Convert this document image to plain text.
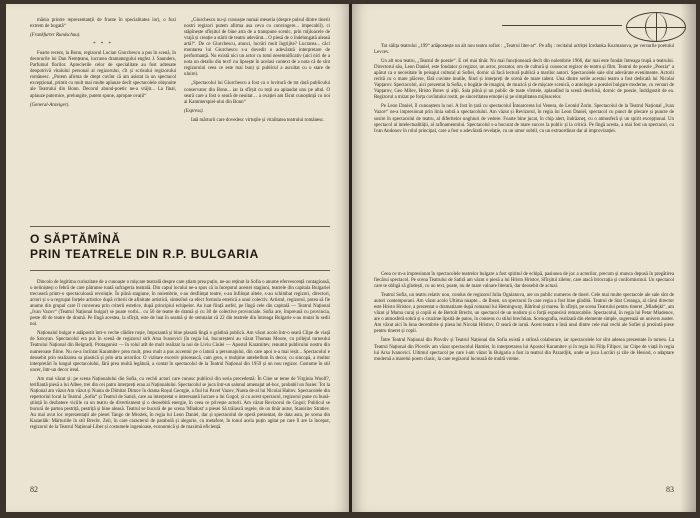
mânia printre reprezentanții de frunte în specialitatea lor), o fuzi extrem de bogată“

(Frankfurter Rundschau).

* * *

Foarte recent, la Bonn, regizorul Lucian Giurchescu a pus în scenă, în decorurile lui Dan Nemțeanu, lucrarea dramaturgului englez J. Saunders, Parfumul florilor. Aprecierile celor de specialitate au fost adresate deopotrivă vitalului personal al regizorului, cît și scrisului regizorului românesc. „Putem afirma de drept cuvînt că am asistat la un spectacol excepțional, primit cu mult mai multe aplauze decît spectacolele obișnuite ale Teatrului din Bonn. Decorul abund-poetic ne-a vrăjit... La final, aplauze puternice, prelungite, putem spune, apropae ovații“

(General-Anzeiger).

„Giurchescu nu-și cunoaște numai meseria (despre pulsul dintre tinerii nostri regizori putem afirma asa ceva cu convingere... impecabil), ci stăpînește sfîrșitul de bine arta de a transpune scenic, prin mijloacele de vrajă și creație a stării de teatru adevărat... O piesă de o îndelungată aleasă artă!“. De ce Giurchescu, atunci, lucrări mult îngrijite? Lucrarea... căci montarea lui Giurchescu s-a dovedit o adevărată interpretare de performanță. Nu există nici un actor cu totul nesemnificativ (aici nici de a nota un detaliu din text! nu lipsește în acelasi context de a nota că de sînt regizorului ceea ce este mai bun) și publicul a ascultat cu o stare de uluire).

„Spectacolul lui Giurchescu a fost ca o lovitură de tot dară publicului conservator din Bonn... iar la sfîrșit cu toții au aplaudat unu pe altul. O seară care a fost o seară de neuitat… a ovației am făcut cunoștință cu noi ai Kammerspiel-ului din Bonn“

(Express).

Iată mărturii care dovedesc virtuțile și vitalitatea teatrului românesc.

O SĂPTĂMÎNĂ
PRIN TEATRELE DIN R.P. BULGARIA

Dincolo de legitima curiozitate de a cunoaște o mișcare teatrală despre care știam prea puțin, ne-au reținut la Sofia o anume efervescență contagioasă, o nelinișteși o febră de care pătrunse toată sufrageria teatrală. Din capul locului ne-a spus că la începutul acestei stagiuni, teatrele din capitala Bulgariei trecuseră printr-o spectaculoasă revoluție. În plină stagiune, în noiembrie, s-au desființat teatre, s-au înființat altele, s-au schimbat regizori, directori, actori și s-a regrupat forțele artistice după criterii de afinitate artistică, sintezînd ca efect formula estetică a unui colectiv. Artistul, regizorul, putea să fie anume din grupul care îl convenea prin criterii estetice, după principiul echipelor. Au luat ființă astfel, pe lîngă cele din capitală — Teatrul Național „Ivan Vazov“ (Teatrul Național bulgar) se poate vorbi... cu 50 de teatre de dramă și cu 30 de colective provinciale. Sofia are, împreună cu provincia, peste 40 de teatre de dramă. Pe lîngă acestea, la sfîrșit, este de luat în seamă și de semnalat că 22 din teatrele din întreaga Bulgarie s-au mutat în sedii noi.

Naționalul bulgar e adăpostit într-o veche clădire roșie, împozantă și bine plasată lîngă o grădină publică. Am văzut acolo într-o seară Clipe de viață de Saroyan. Spectacolul era pus în scenă de regizorul sirb Arsa Ivanovici (în regia lui, bucureșteni au văzut Thomas Moore, cu prilejul turneului Teatrului Național din Belgrad). Protagonist — în rolul atît de mult realizat la noi de Liviu Ciulei — Apostol Karamitev, renumit publicului nostru din numeroase filme. Nu ne-a încîntat Karamitev prea mult, prea mult a pus accentul pe o latură a personajului, din care apoi n-a mai ieșit... Spectacolul e deosebit prin realizarea sa plastică și prin arta actorilor. O vizitare excesiv pitorească, cam grea, o mulțime antebellum în decor, cu sincopă, a multor interpretări în lungul spectacolului, fără prea multă legătură, a contat în spectacolul de la Teatrul Național din 1959 și un nou regizor. Costume în stil uncer, într-un decor ireal.

Am mai văzut și: pe scena Naționalului din Sofia, cu vechii actori care cunosc publicul din seria precedentă: În Cine se teme de Virginia Woolf?, terifiantă piesă a lui Albee, trei din cei patru interpreți erau ai Naționalului. Spectacolul se juca într-un salonul amenajat ad-hoc, probabil un foaier. Tot la Național am văzut Am văzut și Nunta de Dimitar Dimov în drama Roșul Georgie, a fiul lui Pavel Vazov, Nunta de-al lui Nicolai Haitov. Spectacolele din repertoriul local la Teatrul „Sofia“ și Teatrul de Satiră, care au interpretat o interesantă lucrare a lui Gogol; și cu acest spectacol, regizorul pune cu bună-știință în dezbatere viciile ca un teatru de divertisment și o deosebită energie, în ceea ce privește actorii. Am văzut Revizorul de Gogol; Publicul se bucură de partea pestriță, pestriță și bine aleasă. Teatrul se bucură de pe scena 'Mladost' a piesei Să trăiască regele, de un tînăr autor, Stanislav Stratiev. Au mai avut loc reprezentații ale piesei Tango de Mrożek, în regia lui Leon Daniel, dar și spectacolul de operă prezentat, de data asta, pe scena din Kazanlăk: Mărturiile în stil Brecht. Zeii, în care caracterul de parabolă și alegorie, cu metafore, în tonul acela puțin agitat pe care îl are la început, regizorul de la Teatrul Național-Liber și costumele ingenioase, economică și de maximă eficiență.

82

Tot sălița teatrului „199“ adăpostește un alt nou teatru sofiot : „Teatrul liter-ar“. Pe afiș : recitalul actriței Iordanka Kuzmanova, pe versurile poetului Levcev.

Un alt nou teatru, „Teatrul de poezie“. E cel mai tînăr. Nu mai funcționează decît din noiembrie 1966, dar mai este fondat întreaga trupă a teatrului. Directorul său, Leon Daniel, este fondator și regizor, un actor, prozator, om de cultură și cunoscut regizor de teatru și film. Teatrul de poezie „Poezia“ a apărut ca o necesitate în peisajul cultural al Sofiei, dornic să facă lectură publică a marilor autori. Spectacolele sale sînt adevărate evenimente. Actorii recită cu o mare plăcere, fără cuvinte inutile, fiind și interpreți de scenă de mare talent. Una dintre serile acestui teatru a fost dedicată lui Nicolai Vapțarov. Spectacolul, aici prezentat la Sofia, o bogăție de imagini, de muzică și de mișcare scenică, o antologie a poeziei bulgare moderne, cu versuri de Vapțarov, Geo Milev, Hristo Botev și alții. Sala plină și un public de toate vîrstele, aplaudînd la scenă deschisă, dornic de poezie, îndrăgostit de ea. Regizorul a mizat pe forța cuvîntului rostit, pe sinceritatea emoției și pe simplitatea mijloacelor.

Pe Leon Daniel, îl cunoaștem la noi. A fost în țară cu spectacolul Întoarcerea lui Venera, de Leonid Zorin. Spectacolul de la Teatrul Național „Ivan Vazov“ ne-a impresionat prin linia sobră a spectacolului. Am văzut și Revizorul, în regia lui Leon Daniel, spectacol cu punct de plecare și puncte de sosire în spectacolul de teatru, al diferitelor unghiuri de vedere. Foarte bine jucat, în chip alert, îndrăzneț, cu o atmosferă și un spirit excepțional. Un spectacol al intelectualității, al rafinamentului. Spectacolul s-a bucurat de mare succes la public și la critică. Pe lîngă acesta, a mai fost un spectacol, cu Ivan Andonov în rolul principal, care a fost o adevărată revelație, cu un umor subtil, cu un extraordinar dar al improvizației.

Ceea ce m-a impresionat în spectacolele teatrelor bulgare a fost spiritul de echipă, pasiunea de joc a actorilor, precum și munca depusă în pregătirea fiecărui spectacol. Pe scena Teatrului de Satiră am văzut o piesă a lui Hristo Hristov, Sfîrșitul zilelor, care atacă birocrația și conformismul. Un spectacol care te obligă să gîndești, cu un text, poate, nu de mare valoare literară, dar deosebit de actual.

Teatrul Sofia, un teatru relativ nou, condus de regizorul Iulia Ognianova, are un public numeros de tineri. Cele mai multe spectacole ale sale sînt de autori contemporani. Am văzut acolo Ultima noapte... de Ibsen, un spectacol în care regia a fost bine gîndită. Teatrul de Stat Creanga, al cărui director este Hristo Hristov, a prezentat o dramatizare după romanul lui Hemingway, Bătrînul și marea. În sfîrșit, pe scena Teatrului pentru tineret „Mladejki“, am văzut și Mama curaj și copiii ei de Bertolt Brecht, un spectacol de un realism și o forță expresivă remarcabile. Spectacolul, în regia lui Petar Mladenov, are o atmosferă sobră și o cruzime lipsită de patos, în consens cu stilul brechtian. Scenografia, realizată din elemente simple, sugerează un univers auster. Am văzut aici în luna decembrie și piesa lui Nicolai Hristov, O seară de iarnă. Acest teatru e însă unul dintre cele mai vechi ale Sofiei și prezintă piese pentru tineret și copii.

Între Teatrul Național din Plovdiv și Teatrul Național din Sofia există o strînsă colaborare, iar spectacolele lor sînt adesea prezentate în turneu. La Teatrul Național din Plovdiv am văzut spectacolul Hamlet, în interpretarea lui Apostol Karamitev și în regia lui Filip Filipov, iar Clipe de viață în regia lui Arsa Ivanovici. Ultimul spectacol pe care l-am văzut în Bulgaria a fost la teatrul din Pazardjik, unde se juca Lucrări și zile de Hesiod, o adaptare modernă a marelui poem clasic, la care regizorul lucrează de multă vreme.

83
